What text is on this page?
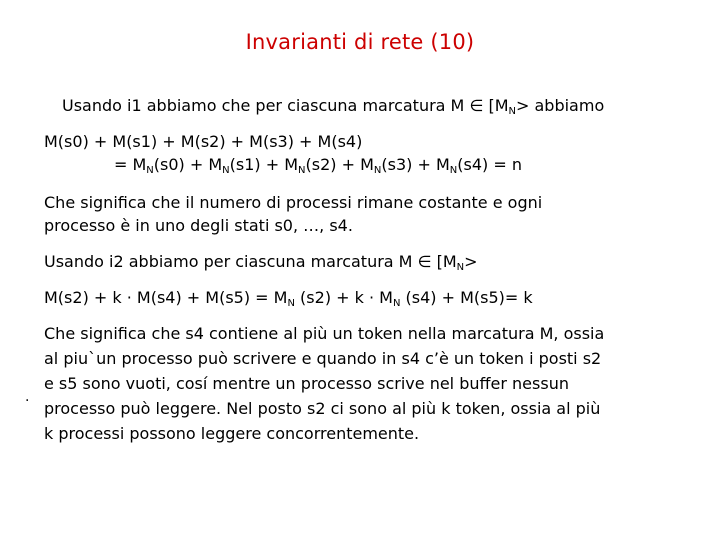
Invarianti di rete (10)
Usando i1 abbiamo che per ciascuna marcatura M ∈ [$M_N>$ abbiamo
M(s0) + M(s1) + M(s2) + M(s3) + M(s4)
= $M_N(s0) + M_N(s1) + M_N(s2) + M_N(s3) + M_N(s4) = n$
Che significa che il numero di processi rimane costante e ogni
processo è in uno degli stati s0, …, s4.
Usando i2 abbiamo per ciascuna marcatura M ∈ [$M_N>$
$M(s2) + k \cdot M(s4) + M(s5) = M_N$ $(s2) + k \cdot M_N$ (s4) + M(s5)= k
Che significa che s4 contiene al più un token nella marcatura M, ossia
al piu`un processo può scrivere e quando in s4 c’è un token i posti s2
e s5 sono vuoti, cosí mentre un processo scrive nel buffer nessun
processo può leggere. Nel posto s2 ci sono al più k token, ossia al più
k processi possono leggere concorrentemente.
.
